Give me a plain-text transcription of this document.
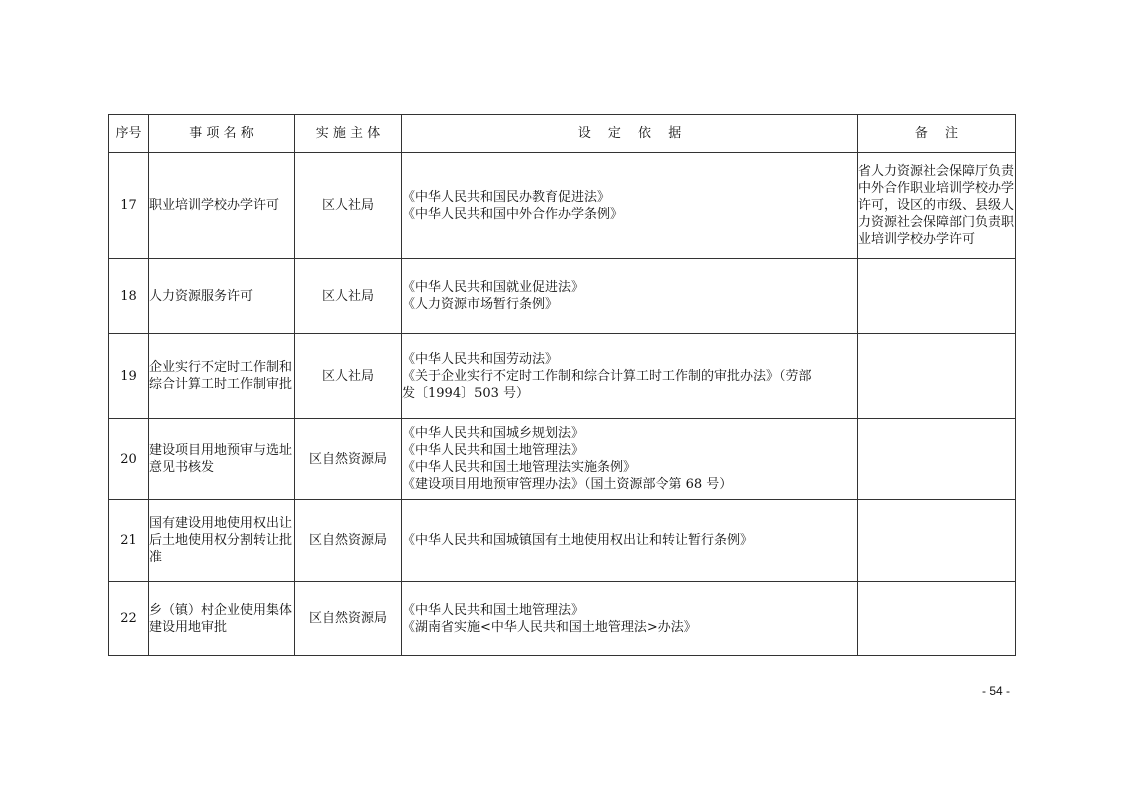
序号	事 项 名 称	实 施 主 体	设　 定　 依　 据	备　 注
17	职业培训学校办学许可	区人社局	《中华人民共和国民办教育促进法》
《中华人民共和国中外合作办学条例》	省人力资源社会保障厅负责中外合作职业培训学校办学许可，设区的市级、县级人力资源社会保障部门负责职业培训学校办学许可
18	人力资源服务许可	区人社局	《中华人民共和国就业促进法》
《人力资源市场暂行条例》	

19	企业实行不定时工作制和综合计算工时工作制审批	区人社局	《中华人民共和国劳动法》
《关于企业实行不定时工作制和综合计算工时工作制的审批办法》（劳部
发〔1994〕503 号）	

20	建设项目用地预审与选址意见书核发	区自然资源局	《中华人民共和国城乡规划法》
《中华人民共和国土地管理法》
《中华人民共和国土地管理法实施条例》
《建设项目用地预审管理办法》（国土资源部令第 68 号）	

21	国有建设用地使用权出让后土地使用权分割转让批准	区自然资源局	《中华人民共和国城镇国有土地使用权出让和转让暂行条例》	

22	乡（镇）村企业使用集体建设用地审批	区自然资源局	《中华人民共和国土地管理法》
《湖南省实施<中华人民共和国土地管理法>办法》	

- 54 -
